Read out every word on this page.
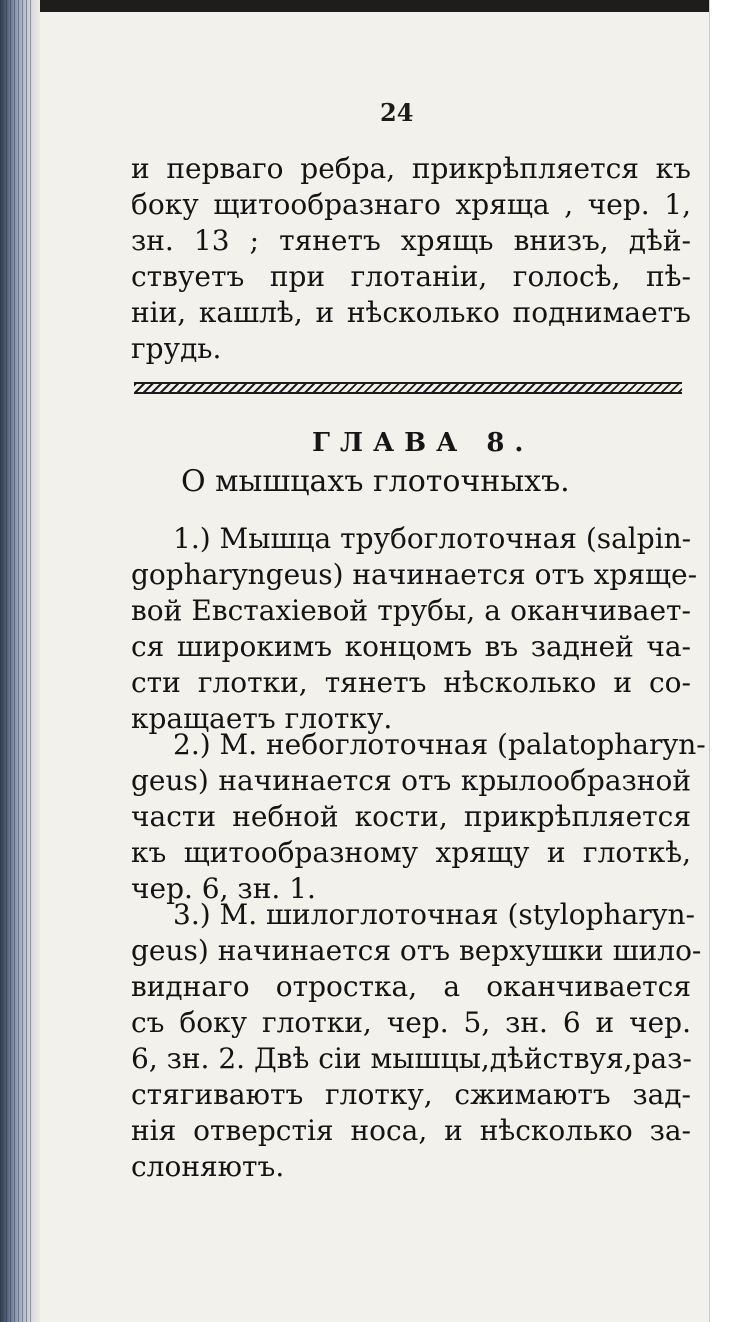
24
и перваго ребра, прикрѣпляется къ
боку щитообразнаго хряща , чер. 1,
зн. 13 ; тянетъ хрящь внизъ, дѣй-
ствуетъ при глотаніи, голосѣ, пѣ-
ніи, кашлѣ, и нѣсколько поднимаетъ
грудь.
ГЛАВА 8.
О мышцахъ глоточныхъ.
1.) Мышца трубоглоточная (salpin-
gopharyngeus) начинается отъ хряще-
вой Евстахіевой трубы, а оканчивает-
ся широкимъ концомъ въ задней ча-
сти глотки, тянетъ нѣсколько и со-
кращаетъ глотку.
2.) М. небоглоточная (palatopharyn-
geus) начинается отъ крылообразной
части небной кости, прикрѣпляется
къ щитообразному хрящу и глоткѣ,
чер. 6, зн. 1.
3.) М. шилоглоточная (stylopharyn-
geus) начинается отъ верхушки шило-
виднаго отростка, а оканчивается
съ боку глотки, чер. 5, зн. 6 и чер.
6, зн. 2. Двѣ сіи мышцы,дѣйствуя,раз-
стягиваютъ глотку, сжимаютъ зад-
нія отверстія носа, и нѣсколько за-
слоняютъ.
